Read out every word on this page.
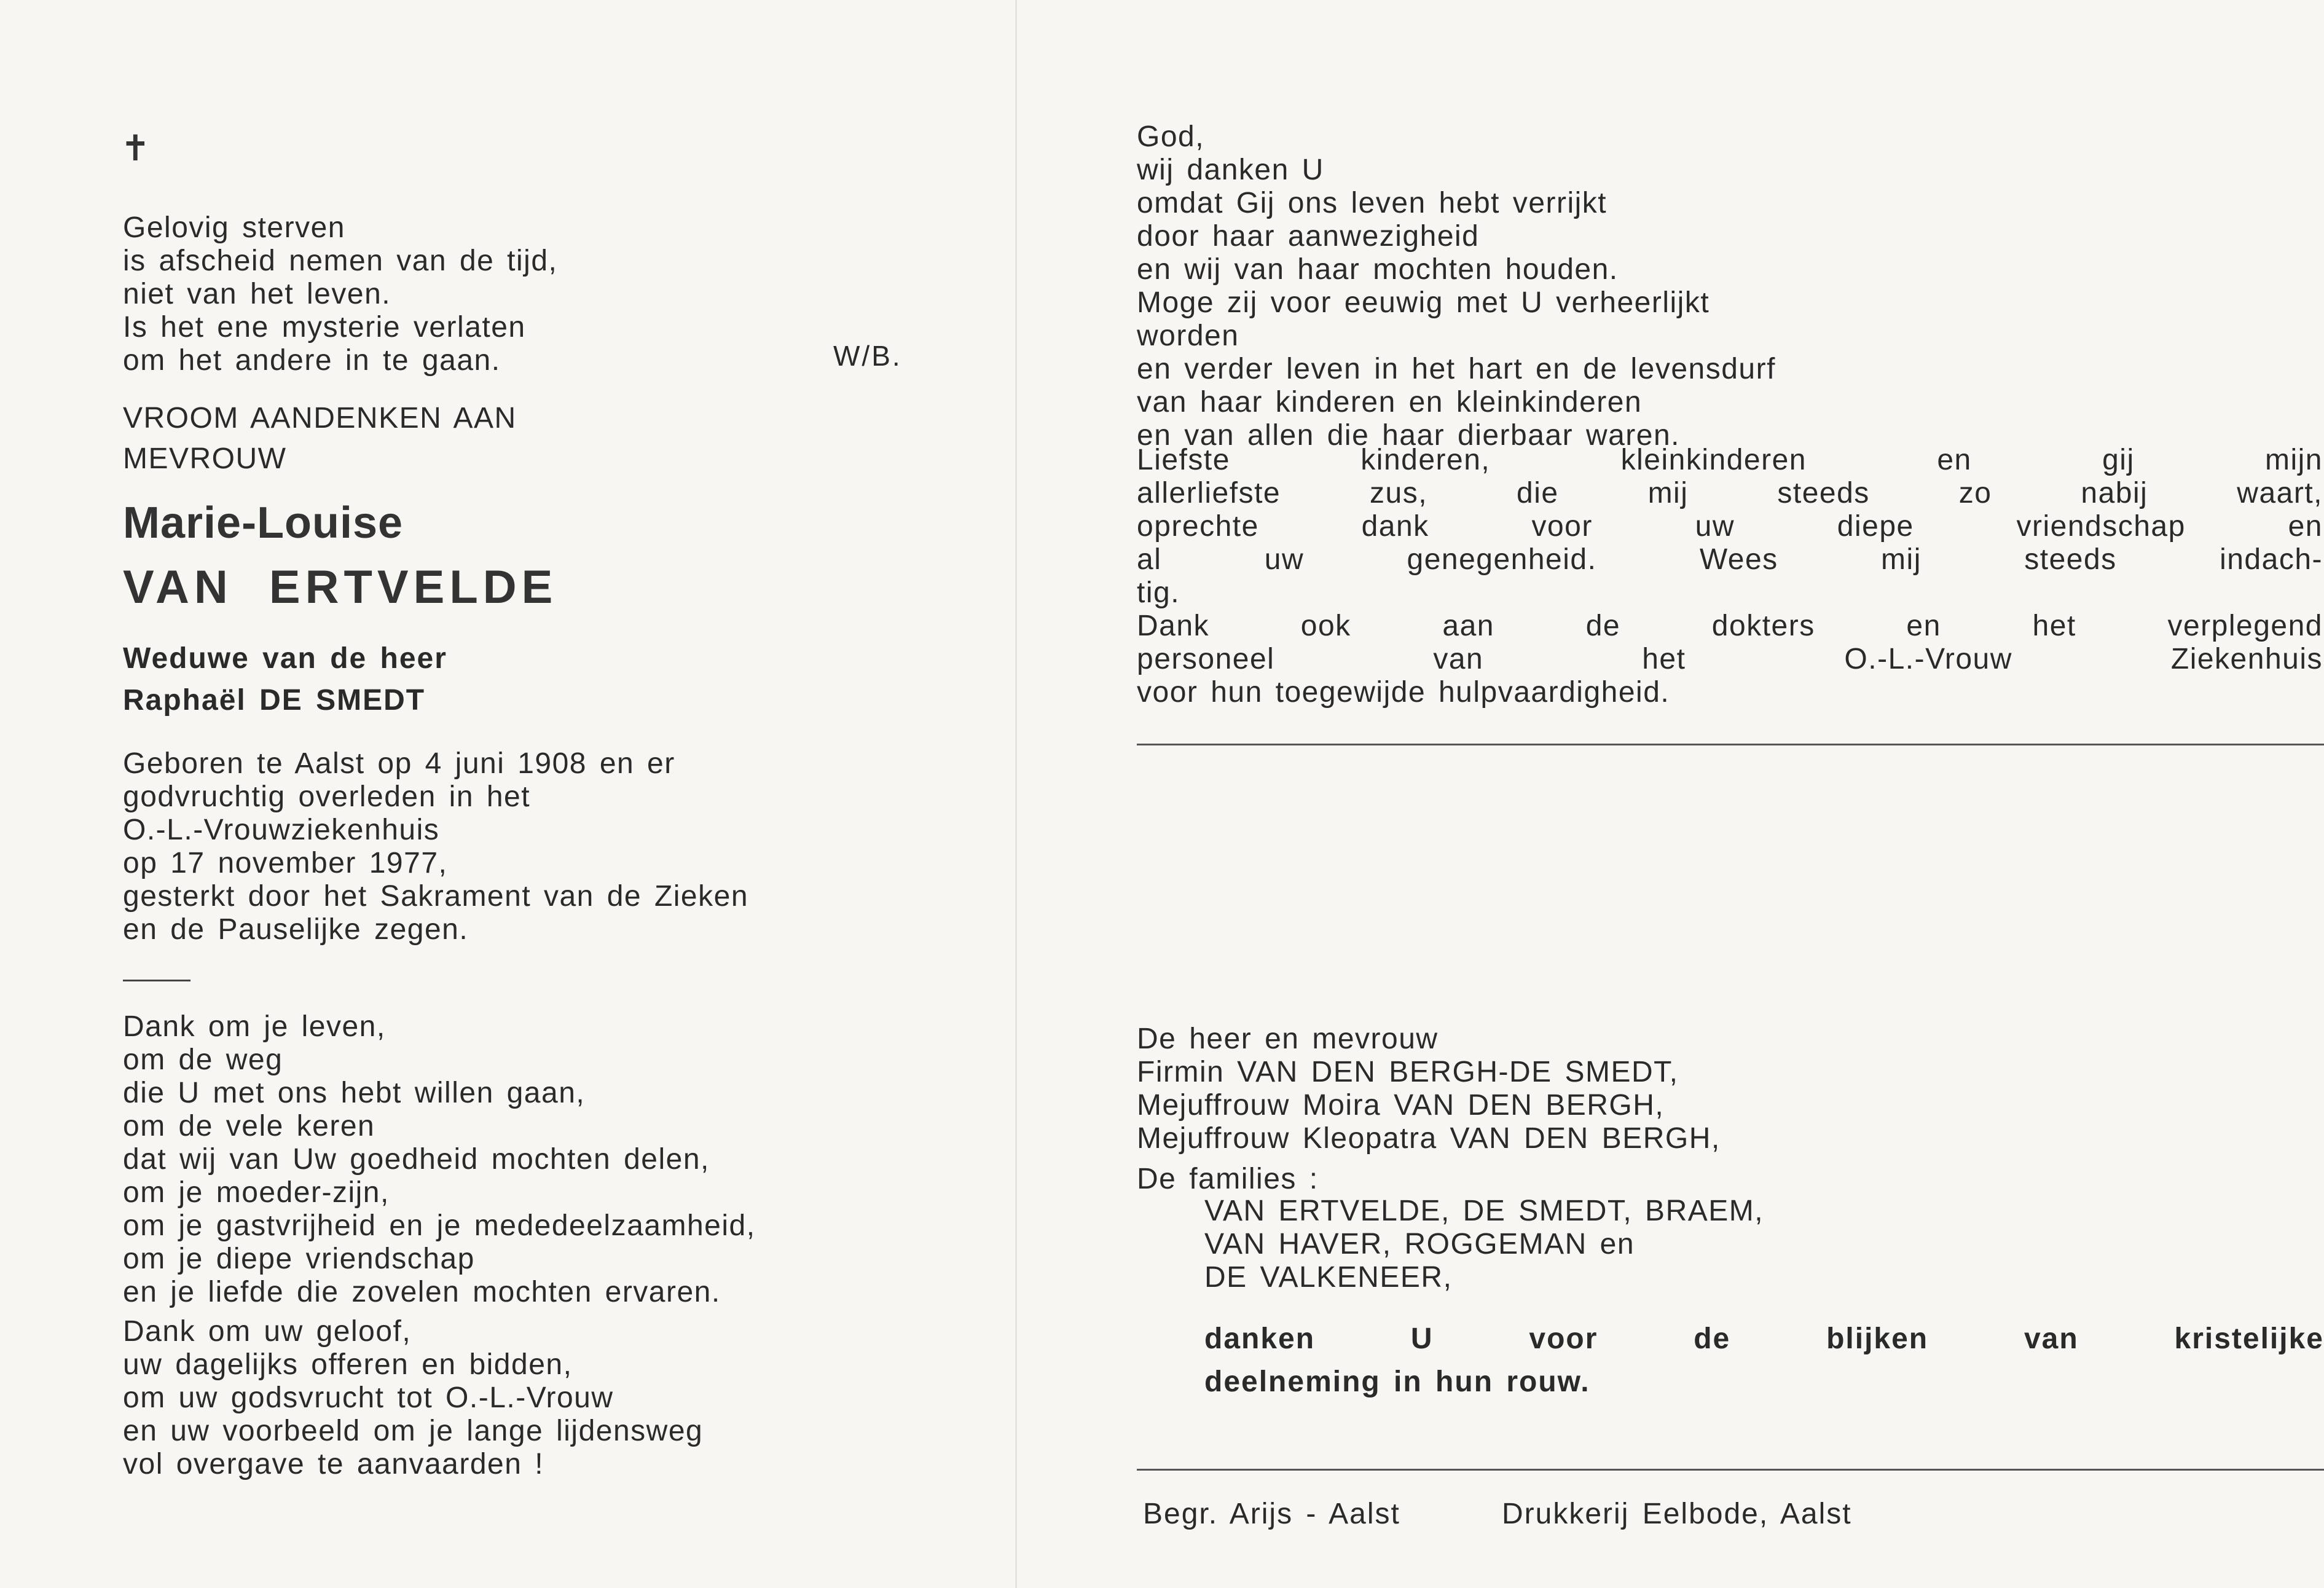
✝
Gelovig sterven
is afscheid nemen van de tijd,
niet van het leven.
Is het ene mysterie verlaten
om het andere in te gaan.	W/B.
VROOM AANDENKEN AAN
MEVROUW
Marie-Louise
VAN ERTVELDE
Weduwe van de heer
Raphaël DE SMEDT
Geboren te Aalst op 4 juni 1908 en er
godvruchtig overleden in het
O.-L.-Vrouwziekenhuis
op 17 november 1977,
gesterkt door het Sakrament van de Zieken
en de Pauselijke zegen.
Dank om je leven,
om de weg
die U met ons hebt willen gaan,
om de vele keren
dat wij van Uw goedheid mochten delen,
om je moeder-zijn,
om je gastvrijheid en je mededeelzaamheid,
om je diepe vriendschap
en je liefde die zovelen mochten ervaren.
Dank om uw geloof,
uw dagelijks offeren en bidden,
om uw godsvrucht tot O.-L.-Vrouw
en uw voorbeeld om je lange lijdensweg
vol overgave te aanvaarden !
God,
wij danken U
omdat Gij ons leven hebt verrijkt
door haar aanwezigheid
en wij van haar mochten houden.
Moge zij voor eeuwig met U verheerlijkt
worden
en verder leven in het hart en de levensdurf
van haar kinderen en kleinkinderen
en van allen die haar dierbaar waren.
Liefste kinderen, kleinkinderen en gij mijn
allerliefste zus, die mij steeds zo nabij waart,
oprechte dank voor uw diepe vriendschap en
al uw genegenheid. Wees mij steeds indach-
tig.
Dank ook aan de dokters en het verplegend
personeel van het O.-L.-Vrouw Ziekenhuis
voor hun toegewijde hulpvaardigheid.
De heer en mevrouw
Firmin VAN DEN BERGH-DE SMEDT,
Mejuffrouw Moira VAN DEN BERGH,
Mejuffrouw Kleopatra VAN DEN BERGH,
De families :
VAN ERTVELDE, DE SMEDT, BRAEM,
VAN HAVER, ROGGEMAN en
DE VALKENEER,
danken U voor de blijken van kristelijke
deelneming in hun rouw.
Begr. Arijs - Aalst	Drukkerij Eelbode, Aalst
